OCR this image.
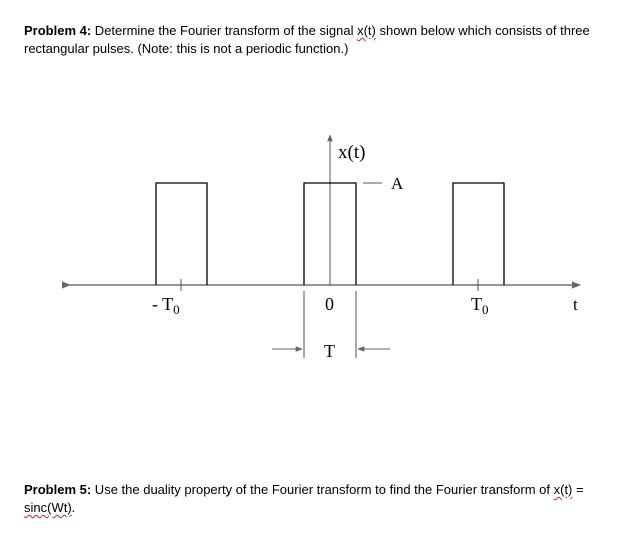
Problem 4: Determine the Fourier transform of the signal x(t) shown below which consists of three rectangular pulses. (Note: this is not a periodic function.)
x(t)
A
- $T_0$	0	$T_0$	t
T
Problem 5: Use the duality property of the Fourier transform to find the Fourier transform of x(t) = sinc(Wt).
